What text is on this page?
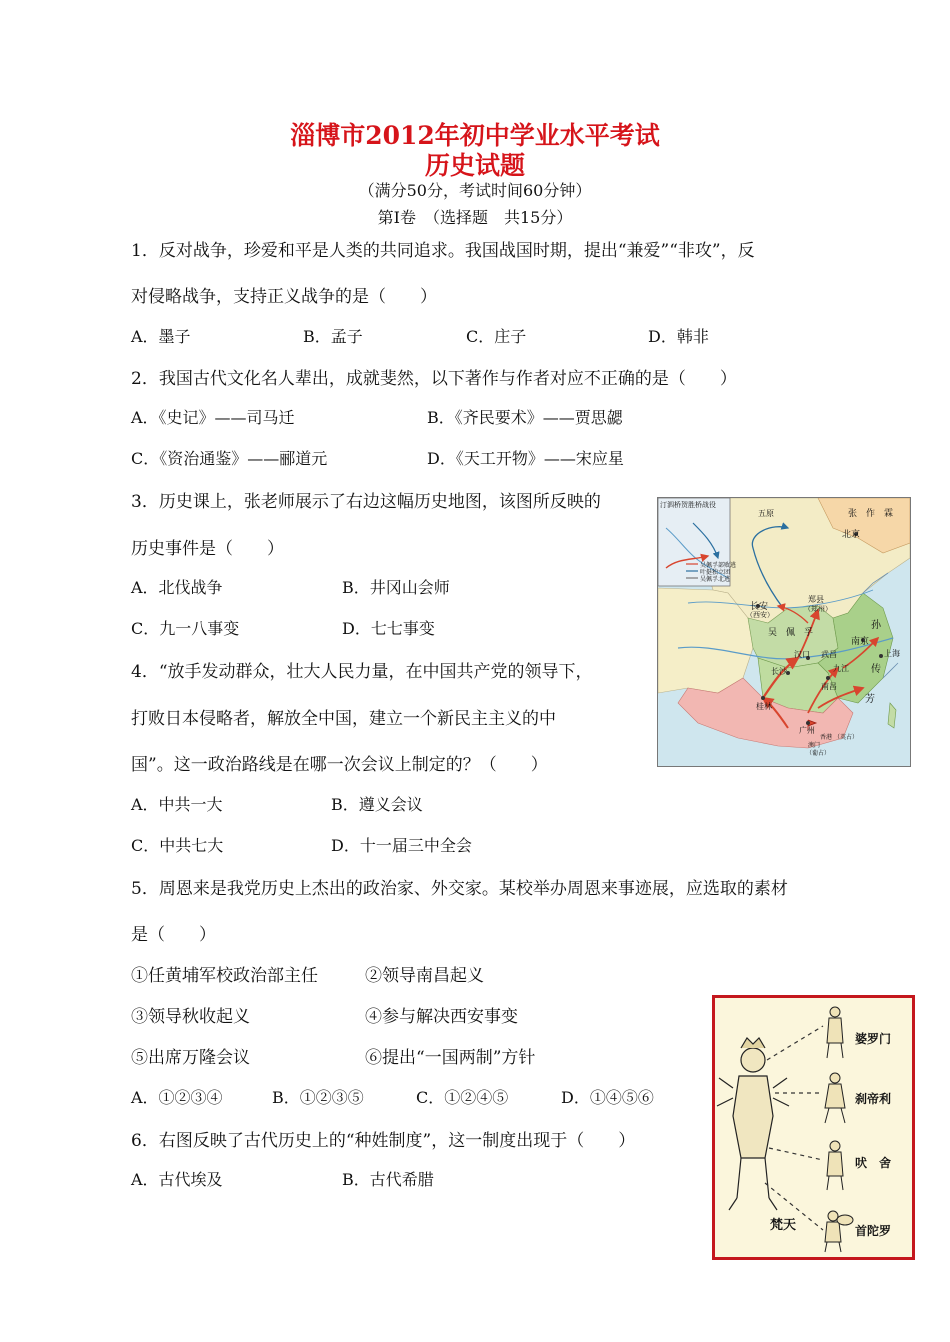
淄博市2012年初中学业水平考试
历史试题
（满分50分，考试时间60分钟）
第Ⅰ卷　（选择题　共15分）
1．反对战争，珍爱和平是人类的共同追求。我国战国时期，提出“兼爱”“非攻”，反
对侵略战争，支持正义战争的是（　　）
A．墨子	B．孟子	C．庄子	D．韩非
2．我国古代文化名人辈出，成就斐然，以下著作与作者对应不正确的是（　　）
A．《史记》——司马迁	B．《齐民要术》——贾思勰
C．《资治通鉴》——郦道元	D．《天工开物》——宋应星
3．历史课上，张老师展示了右边这幅历史地图，该图所反映的
历史事件是（　　）
A．北伐战争	B．井冈山会师
C．九一八事变	D．七七事变
4．“放手发动群众，壮大人民力量，在中国共产党的领导下，
打败日本侵略者，解放全中国，建立一个新民主主义的中
国”。这一政治路线是在哪一次会议上制定的？（　　）
A．中共一大	B．遵义会议
C．中共七大	D．十一届三中全会
5．周恩来是我党历史上杰出的政治家、外交家。某校举办周恩来事迹展，应选取的素材
是（　　）
①任黄埔军校政治部主任	②领导南昌起义
③领导秋收起义	④参与解决西安事变
⑤出席万隆会议	⑥提出“一国两制”方针
A．①②③④	B．①②③⑤	C．①②④⑤	D．①④⑤⑥
6．右图反映了古代历史上的“种姓制度”，这一制度出现于（　　）
A．古代埃及	B．古代希腊
汀泗桥贺胜桥战役
吴佩孚部败逃
叶挺独立团
吴佩孚北逃
张　作　霖
五原
北京
长安
（西安）
郑县
（郑州）
吴　佩　孚
孙
南京
上海
汉口 武昌
九江 传
长沙
南昌
芳
桂林
广州
香港 （英占）
澳门
（葡占）
梵天
婆罗门
刹帝利
吠　舍
首陀罗
